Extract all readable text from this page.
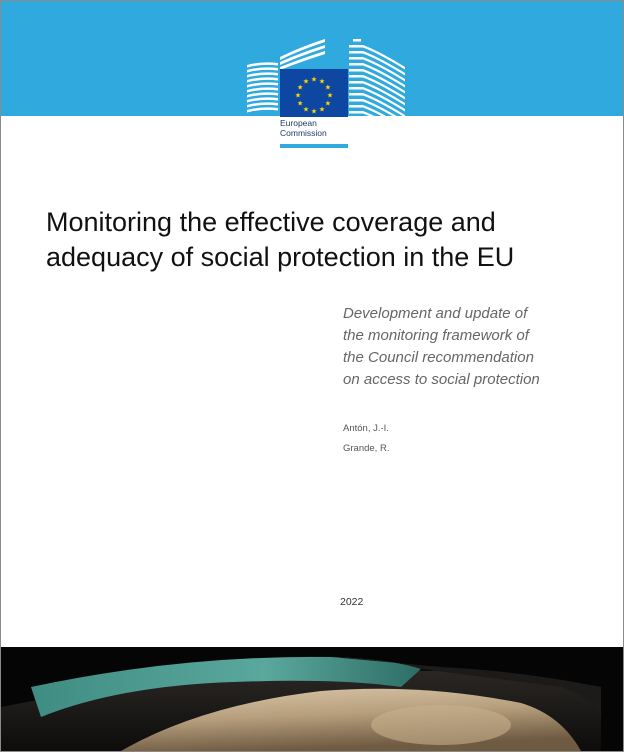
★ ★
★
★
★
★
★
★
★
★
★
★
European
Commission
Monitoring the effective coverage and
adequacy of social protection in the EU
Development and update of
the monitoring framework of
the Council recommendation
on access to social protection
Antón, J.-I.
Grande, R.
2022
